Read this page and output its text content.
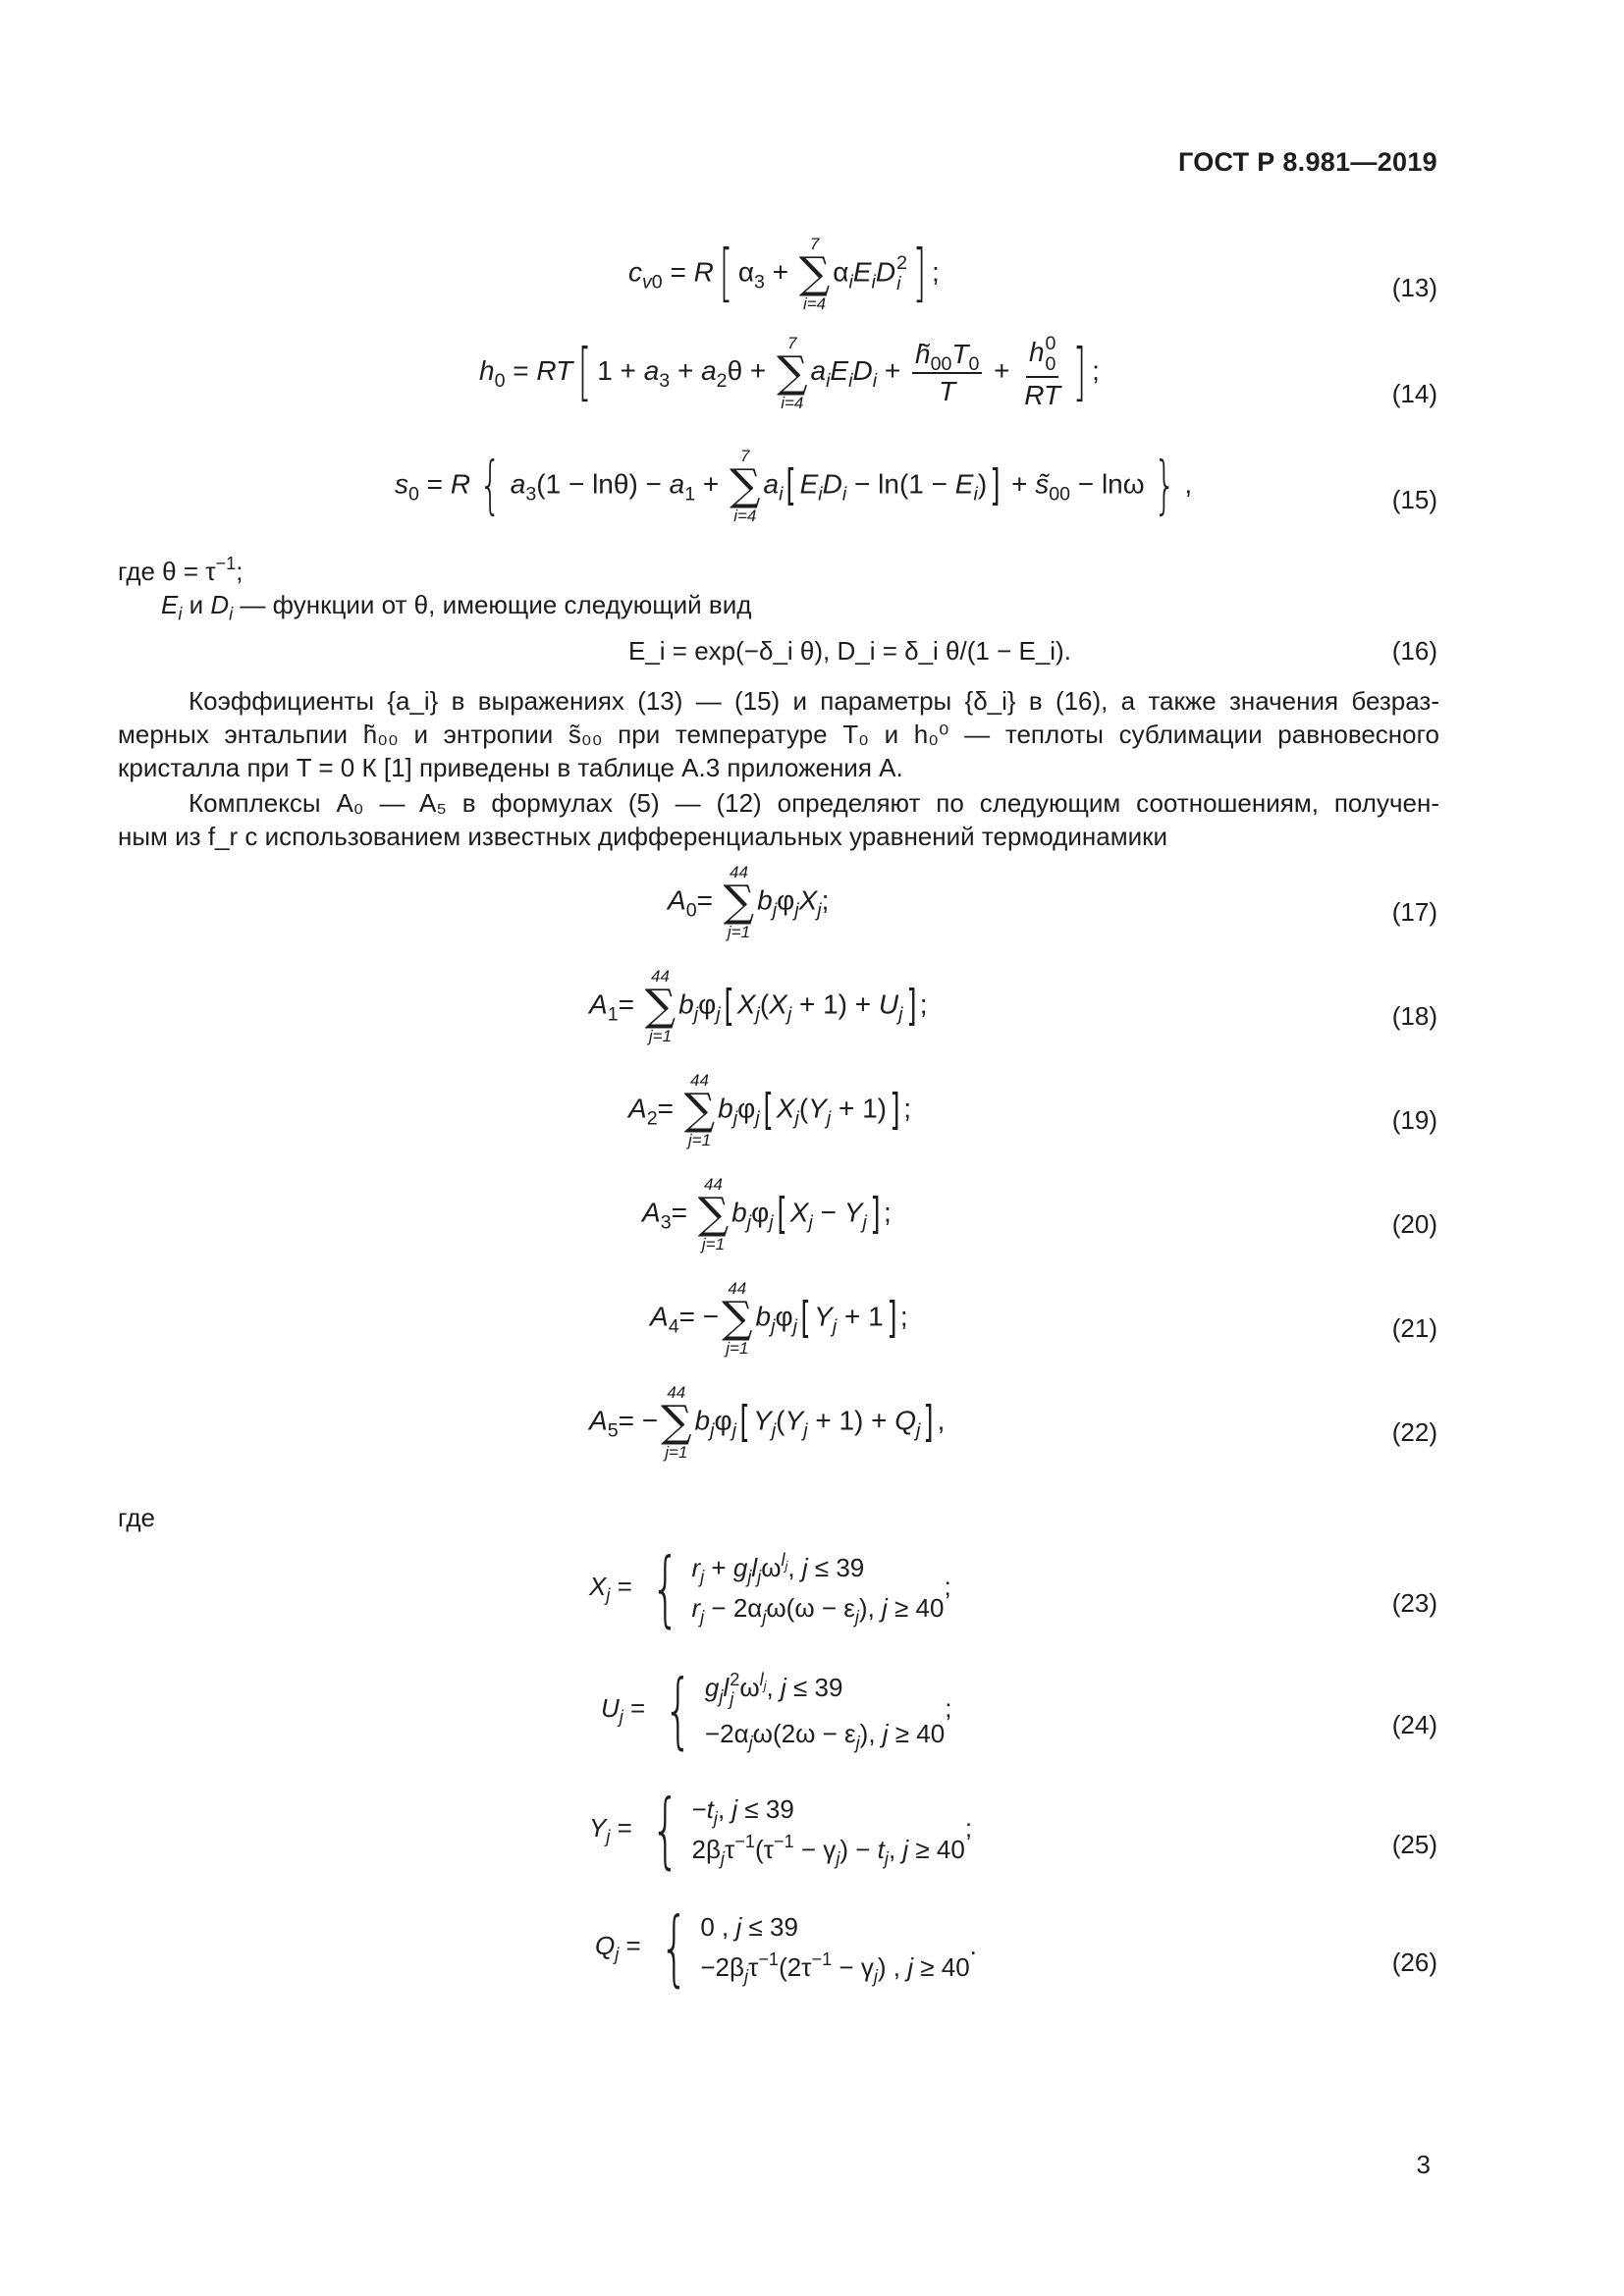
ГОСТ Р 8.981—2019
$c_{v0} = R$[ $\alpha_3$ +
7
∑
i=4
$\alpha_iE_iD$ 2
i ] ;
(13)
$h_0 = RT$[ $1 + a_3 + a_2\theta$ +
7
∑
i=4
$a_iE_iD_i + \frac{h̃_{00}T_0}{T} + h$ 0
0
RT ] ;
(14)
$s_0 = R$ { $a_3(1 - \ln\theta) - a_1$ +
7
∑
i=4
$a_i$[ $E_iD_i - \ln(1 - E_i)$] + $s̃_{00} - \ln\omega$ } ,
(15)
где $\theta = \tau^{-1}$;
$E_i$ и $D_i$ — функции от θ, имеющие следующий вид
E_i = exp(−δ_i θ), D_i = δ_i θ/(1 − E_i).	(16)
Коэффициенты {a_i} в выражениях (13) — (15) и параметры {δ_i} в (16), а также значения безраз-
мерных энтальпии h̃₀₀ и энтропии s̃₀₀ при температуре T₀ и h₀⁰ — теплоты сублимации равновесного
кристалла при T = 0 К [1] приведены в таблице А.3 приложения А.
Комплексы A₀ — A₅ в формулах (5) — (12) определяют по следующим соотношениям, получен-
ным из f_r с использованием известных дифференциальных уравнений термодинамики
$A_0=$
44
∑
j=1
$b_j\varphi_jX_j$;	(17)
$A_1=$
44
∑
j=1
$b_j\varphi_j$[ $X_j(X_j + 1) + U_j$] ;	(18)
$A_2=$
44
∑
j=1
$b_j\varphi_j$[ $X_j(Y_j + 1)$] ;	(19)
$A_3=$
44
∑
j=1
$b_j\varphi_j$[ $X_j - Y_j$] ;	(20)
$A_4=$ −
44
∑
j=1
$b_j\varphi_j$[ $Y_j + 1$] ;	(21)
$A_5=$ −
44
∑
j=1
$b_j\varphi_j$[ $Y_j(Y_j + 1) + Q_j$] ,	(22)
где
$X_j$ = { $r_j + g_jl_j\omega^{l_j}$, j ≤ 39
$r_j - 2\alpha_j\omega(\omega - \varepsilon_j)$, j ≥ 40
;
(23)
$U_j$ = { $g_jl$ 2
j $\omega^{l_j}$, j ≤ 39
$-2\alpha_j\omega(2\omega - \varepsilon_j)$, j ≥ 40
;
(24)
$Y_j$ = { $-t_j$, j ≤ 39
$2\beta_j\tau^{-1}(\tau^{-1} - \gamma_j) - t_j$, j ≥ 40
;
(25)
$Q_j$ = { 0 , j ≤ 39
$-2\beta_j\tau^{-1}(2\tau^{-1} - \gamma_j)$ , j ≥ 40
.
(26)
3
